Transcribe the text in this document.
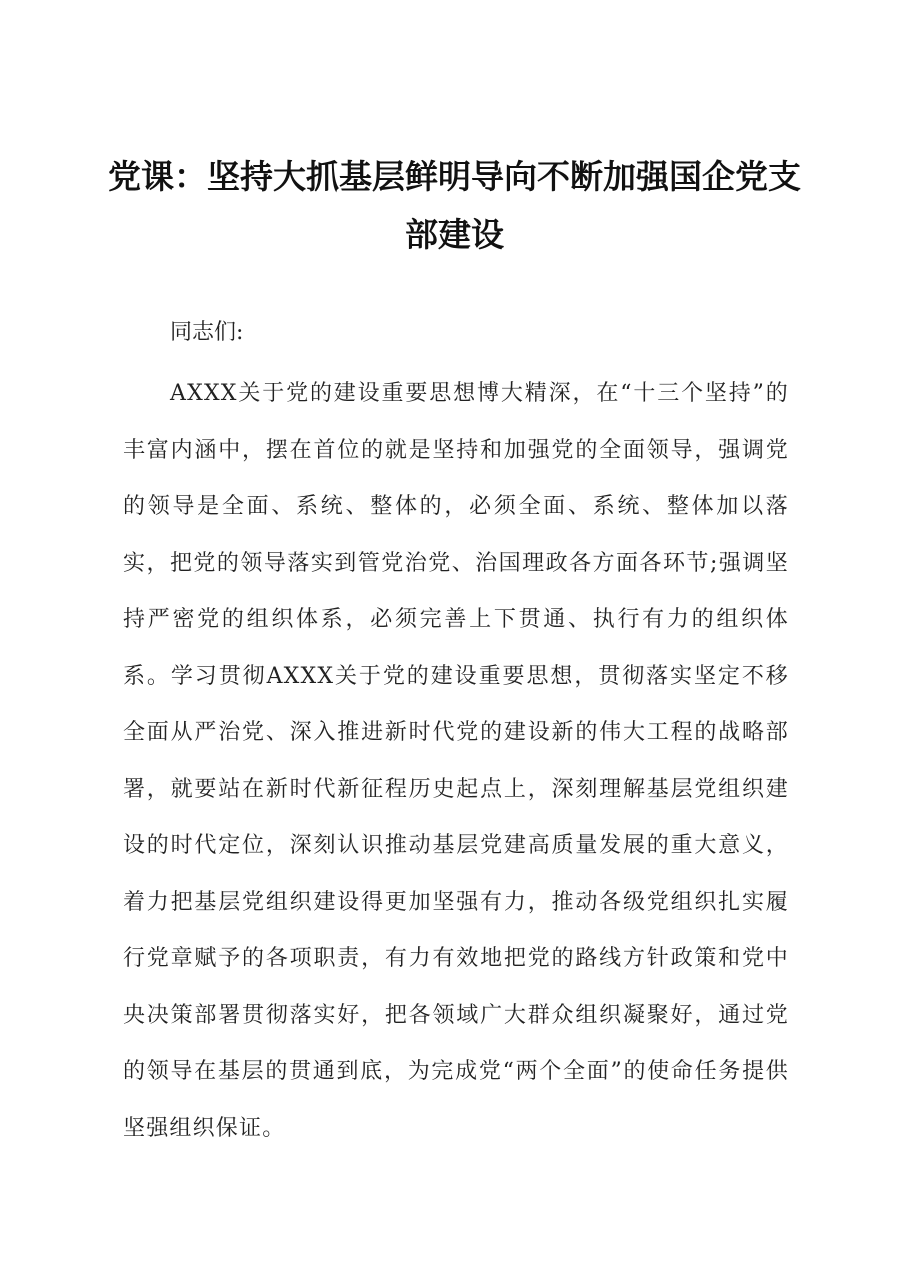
党课：坚持大抓基层鲜明导向不断加强国企党支部建设

同志们:

AXXX关于党的建设重要思想博大精深，在“十三个坚持”的丰富内涵中，摆在首位的就是坚持和加强党的全面领导，强调党的领导是全面、系统、整体的，必须全面、系统、整体加以落实，把党的领导落实到管党治党、治国理政各方面各环节;强调坚持严密党的组织体系，必须完善上下贯通、执行有力的组织体系。学习贯彻AXXX关于党的建设重要思想，贯彻落实坚定不移全面从严治党、深入推进新时代党的建设新的伟大工程的战略部署，就要站在新时代新征程历史起点上，深刻理解基层党组织建设的时代定位，深刻认识推动基层党建高质量发展的重大意义，着力把基层党组织建设得更加坚强有力，推动各级党组织扎实履行党章赋予的各项职责，有力有效地把党的路线方针政策和党中央决策部署贯彻落实好，把各领域广大群众组织凝聚好，通过党的领导在基层的贯通到底，为完成党“两个全面”的使命任务提供坚强组织保证。
